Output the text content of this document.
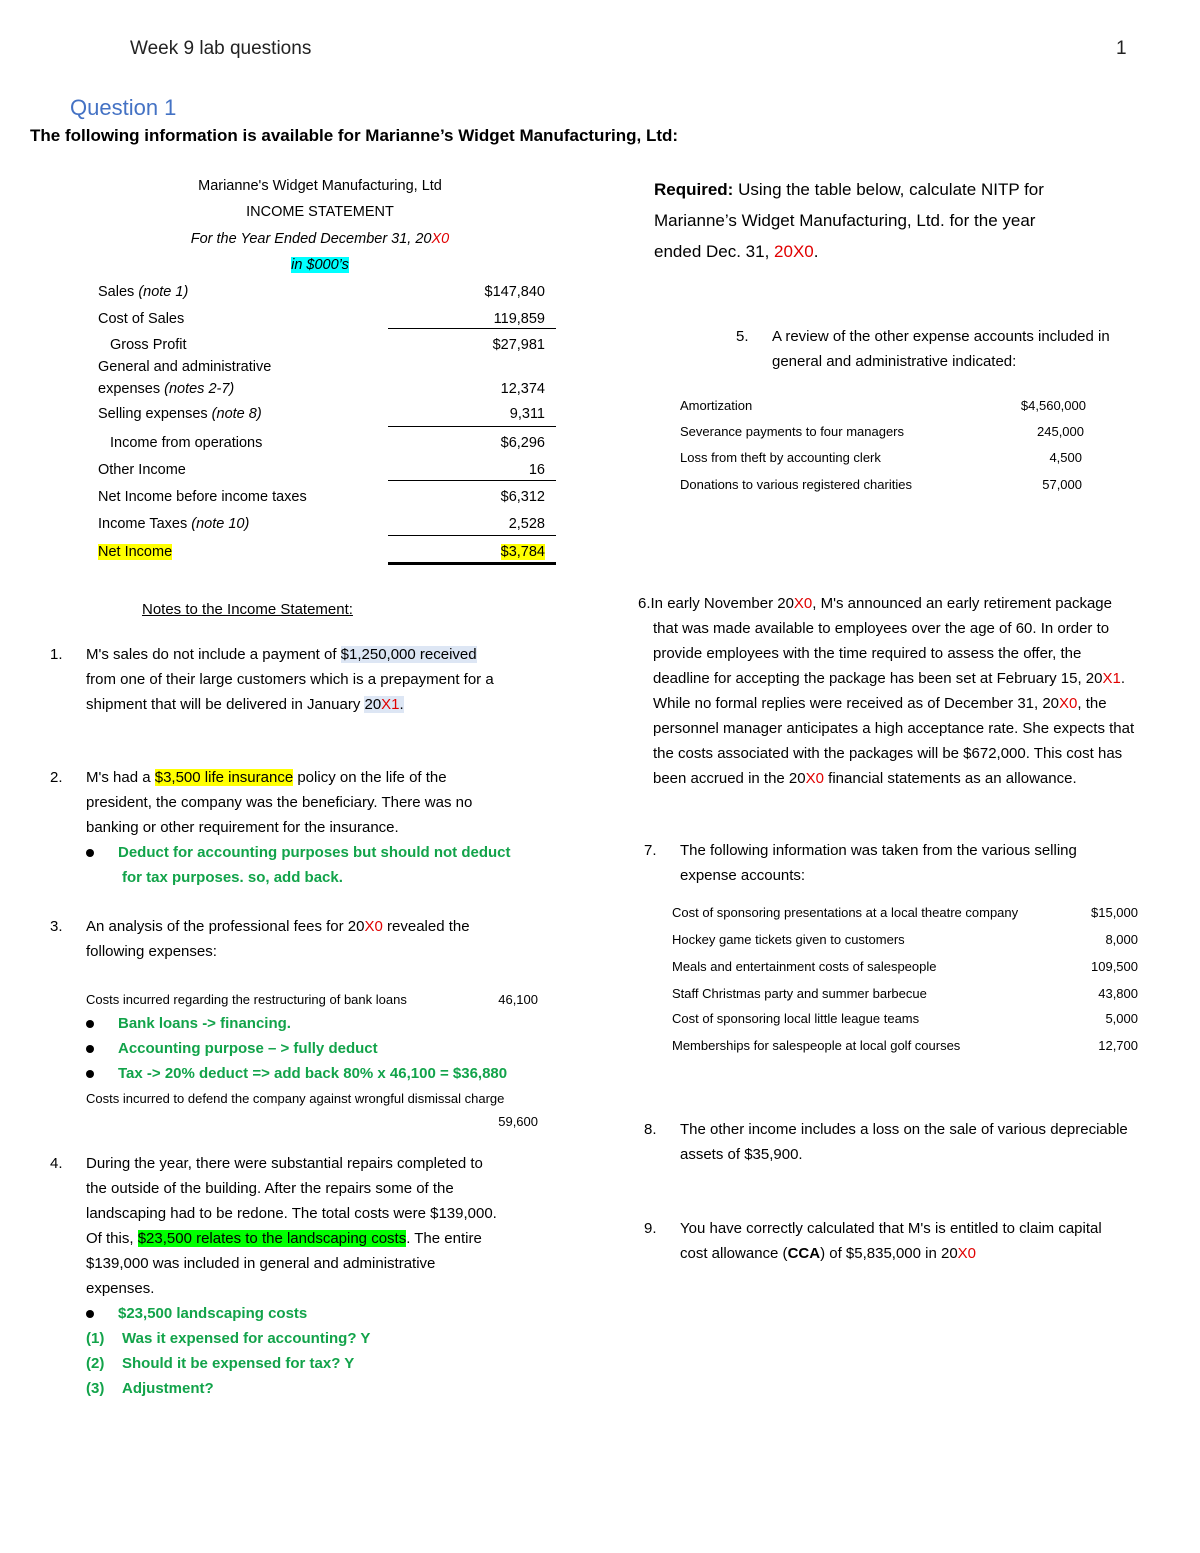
Week 9 lab questions	1
Question 1
The following information is available for Marianne’s Widget Manufacturing, Ltd:
Marianne's Widget Manufacturing, Ltd
INCOME STATEMENT
For the Year Ended December 31, 20X0
in $000’s
Sales (note 1)	$147,840
Cost of Sales	119,859
Gross Profit	$27,981
General and administrative
expenses (notes 2-7)	12,374
Selling expenses (note 8)	9,311
Income from operations	$6,296
Other Income	16
Net Income before income taxes	$6,312
Income Taxes (note 10)	2,528
Net Income	$3,784
Required: Using the table below, calculate NITP for
Marianne’s Widget Manufacturing, Ltd. for the year
ended Dec. 31, 20X0.
Notes to the Income Statement:
1. M's sales do not include a payment of $1,250,000 received
from one of their large customers which is a prepayment for a
shipment that will be delivered in January 20X1.
2. M's had a $3,500 life insurance policy on the life of the
president, the company was the beneficiary. There was no
banking or other requirement for the insurance.
Deduct for accounting purposes but should not deduct
for tax purposes. so, add back.
3. An analysis of the professional fees for 20X0 revealed the
following expenses:
Costs incurred regarding the restructuring of bank loans	46,100
Bank loans -> financing.
Accounting purpose – > fully deduct
Tax -> 20% deduct => add back 80% x 46,100 = $36,880
Costs incurred to defend the company against wrongful dismissal charge
59,600
4. During the year, there were substantial repairs completed to
the outside of the building. After the repairs some of the
landscaping had to be redone. The total costs were $139,000.
Of this, $23,500 relates to the landscaping costs. The entire
$139,000 was included in general and administrative
expenses.
$23,500 landscaping costs
(1) Was it expensed for accounting? Y
(2) Should it be expensed for tax? Y
(3) Adjustment?
5. A review of the other expense accounts included in
general and administrative indicated:
Amortization	$4,560,000
Severance payments to four managers	245,000
Loss from theft by accounting clerk	4,500
Donations to various registered charities	57,000
6.In early November 20X0, M's announced an early retirement package
that was made available to employees over the age of 60. In order to
provide employees with the time required to assess the offer, the
deadline for accepting the package has been set at February 15, 20X1.
While no formal replies were received as of December 31, 20X0, the
personnel manager anticipates a high acceptance rate. She expects that
the costs associated with the packages will be $672,000. This cost has
been accrued in the 20X0 financial statements as an allowance.
7. The following information was taken from the various selling
expense accounts:
Cost of sponsoring presentations at a local theatre company	$15,000
Hockey game tickets given to customers	8,000
Meals and entertainment costs of salespeople	109,500
Staff Christmas party and summer barbecue	43,800
Cost of sponsoring local little league teams	5,000
Memberships for salespeople at local golf courses	12,700
8. The other income includes a loss on the sale of various depreciable
assets of $35,900.
9. You have correctly calculated that M's is entitled to claim capital
cost allowance (CCA) of $5,835,000 in 20X0
